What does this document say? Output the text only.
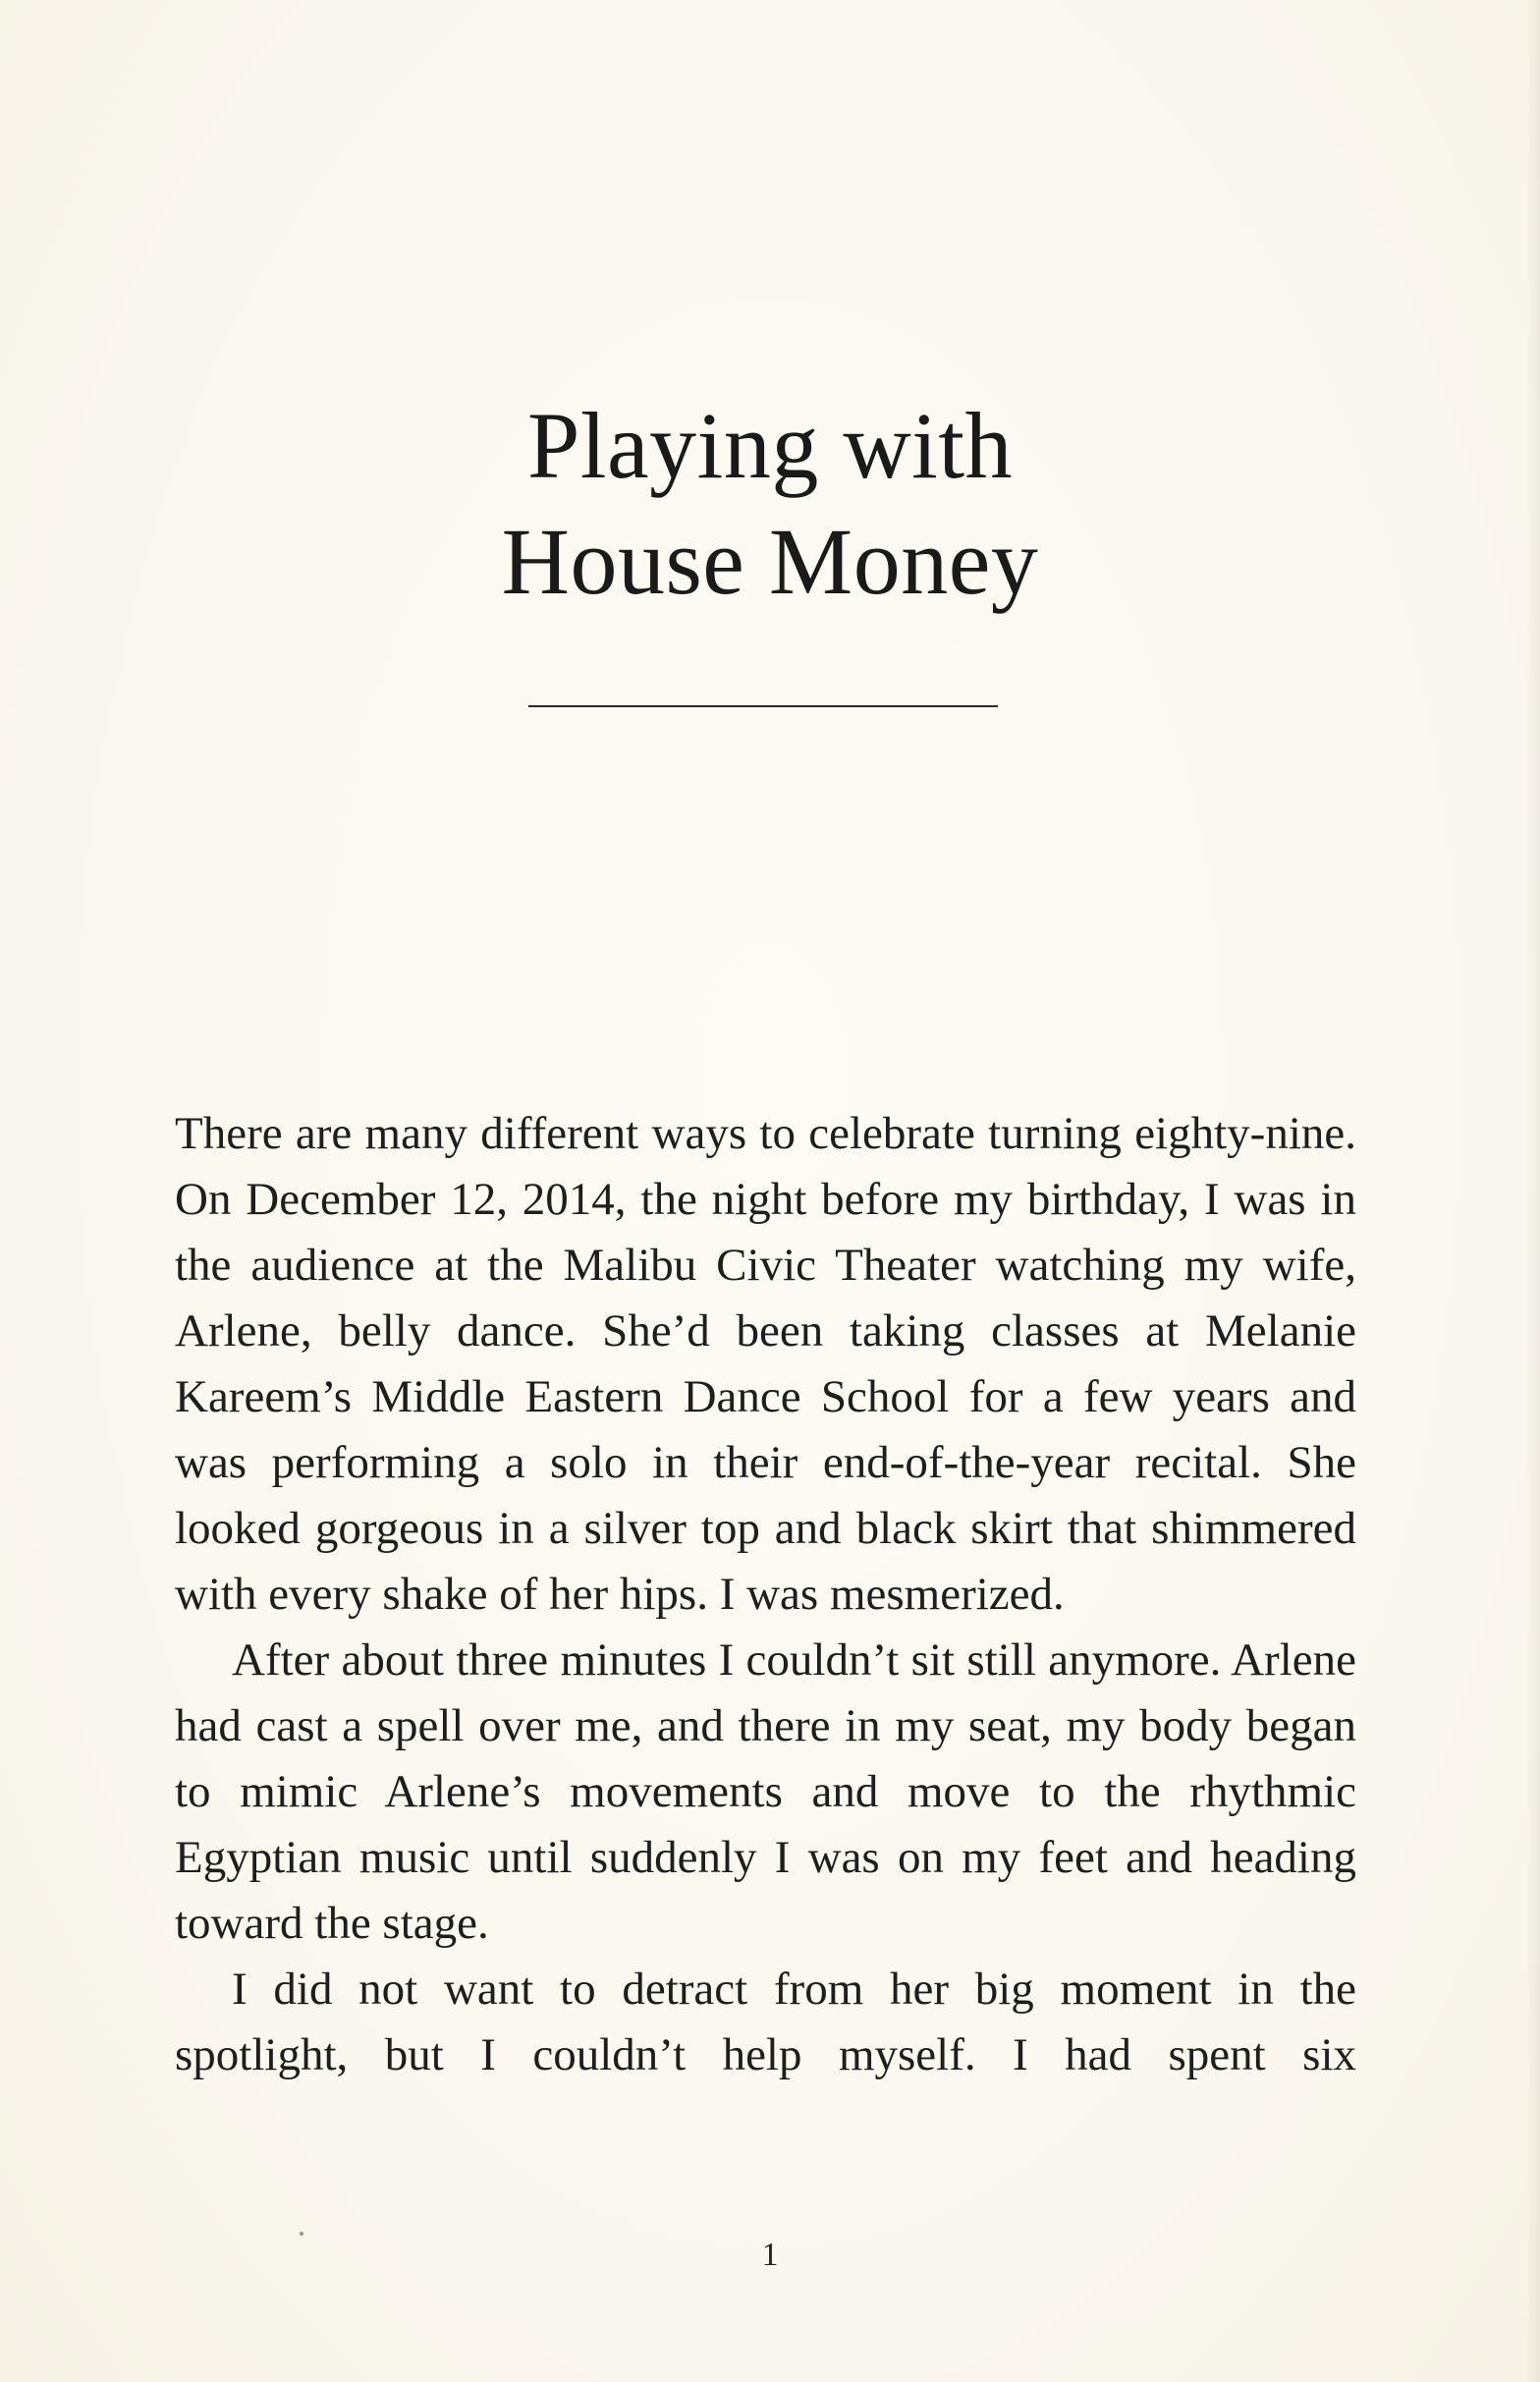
Playing with
House Money

There are many different ways to celebrate turning eighty-nine. On December 12, 2014, the night before my birthday, I was in the audience at the Malibu Civic Theater watching my wife, Arlene, belly dance. She’d been taking classes at Melanie Kareem’s Middle Eastern Dance School for a few years and was performing a solo in their end-of-the-year recital. She looked gorgeous in a silver top and black skirt that shimmered with every shake of her hips. I was mesmerized.

After about three minutes I couldn’t sit still anymore. Arlene had cast a spell over me, and there in my seat, my body began to mimic Arlene’s movements and move to the rhythmic Egyptian music until suddenly I was on my feet and heading toward the stage.

I did not want to detract from her big moment in the spotlight, but I couldn’t help myself. I had spent six

1
